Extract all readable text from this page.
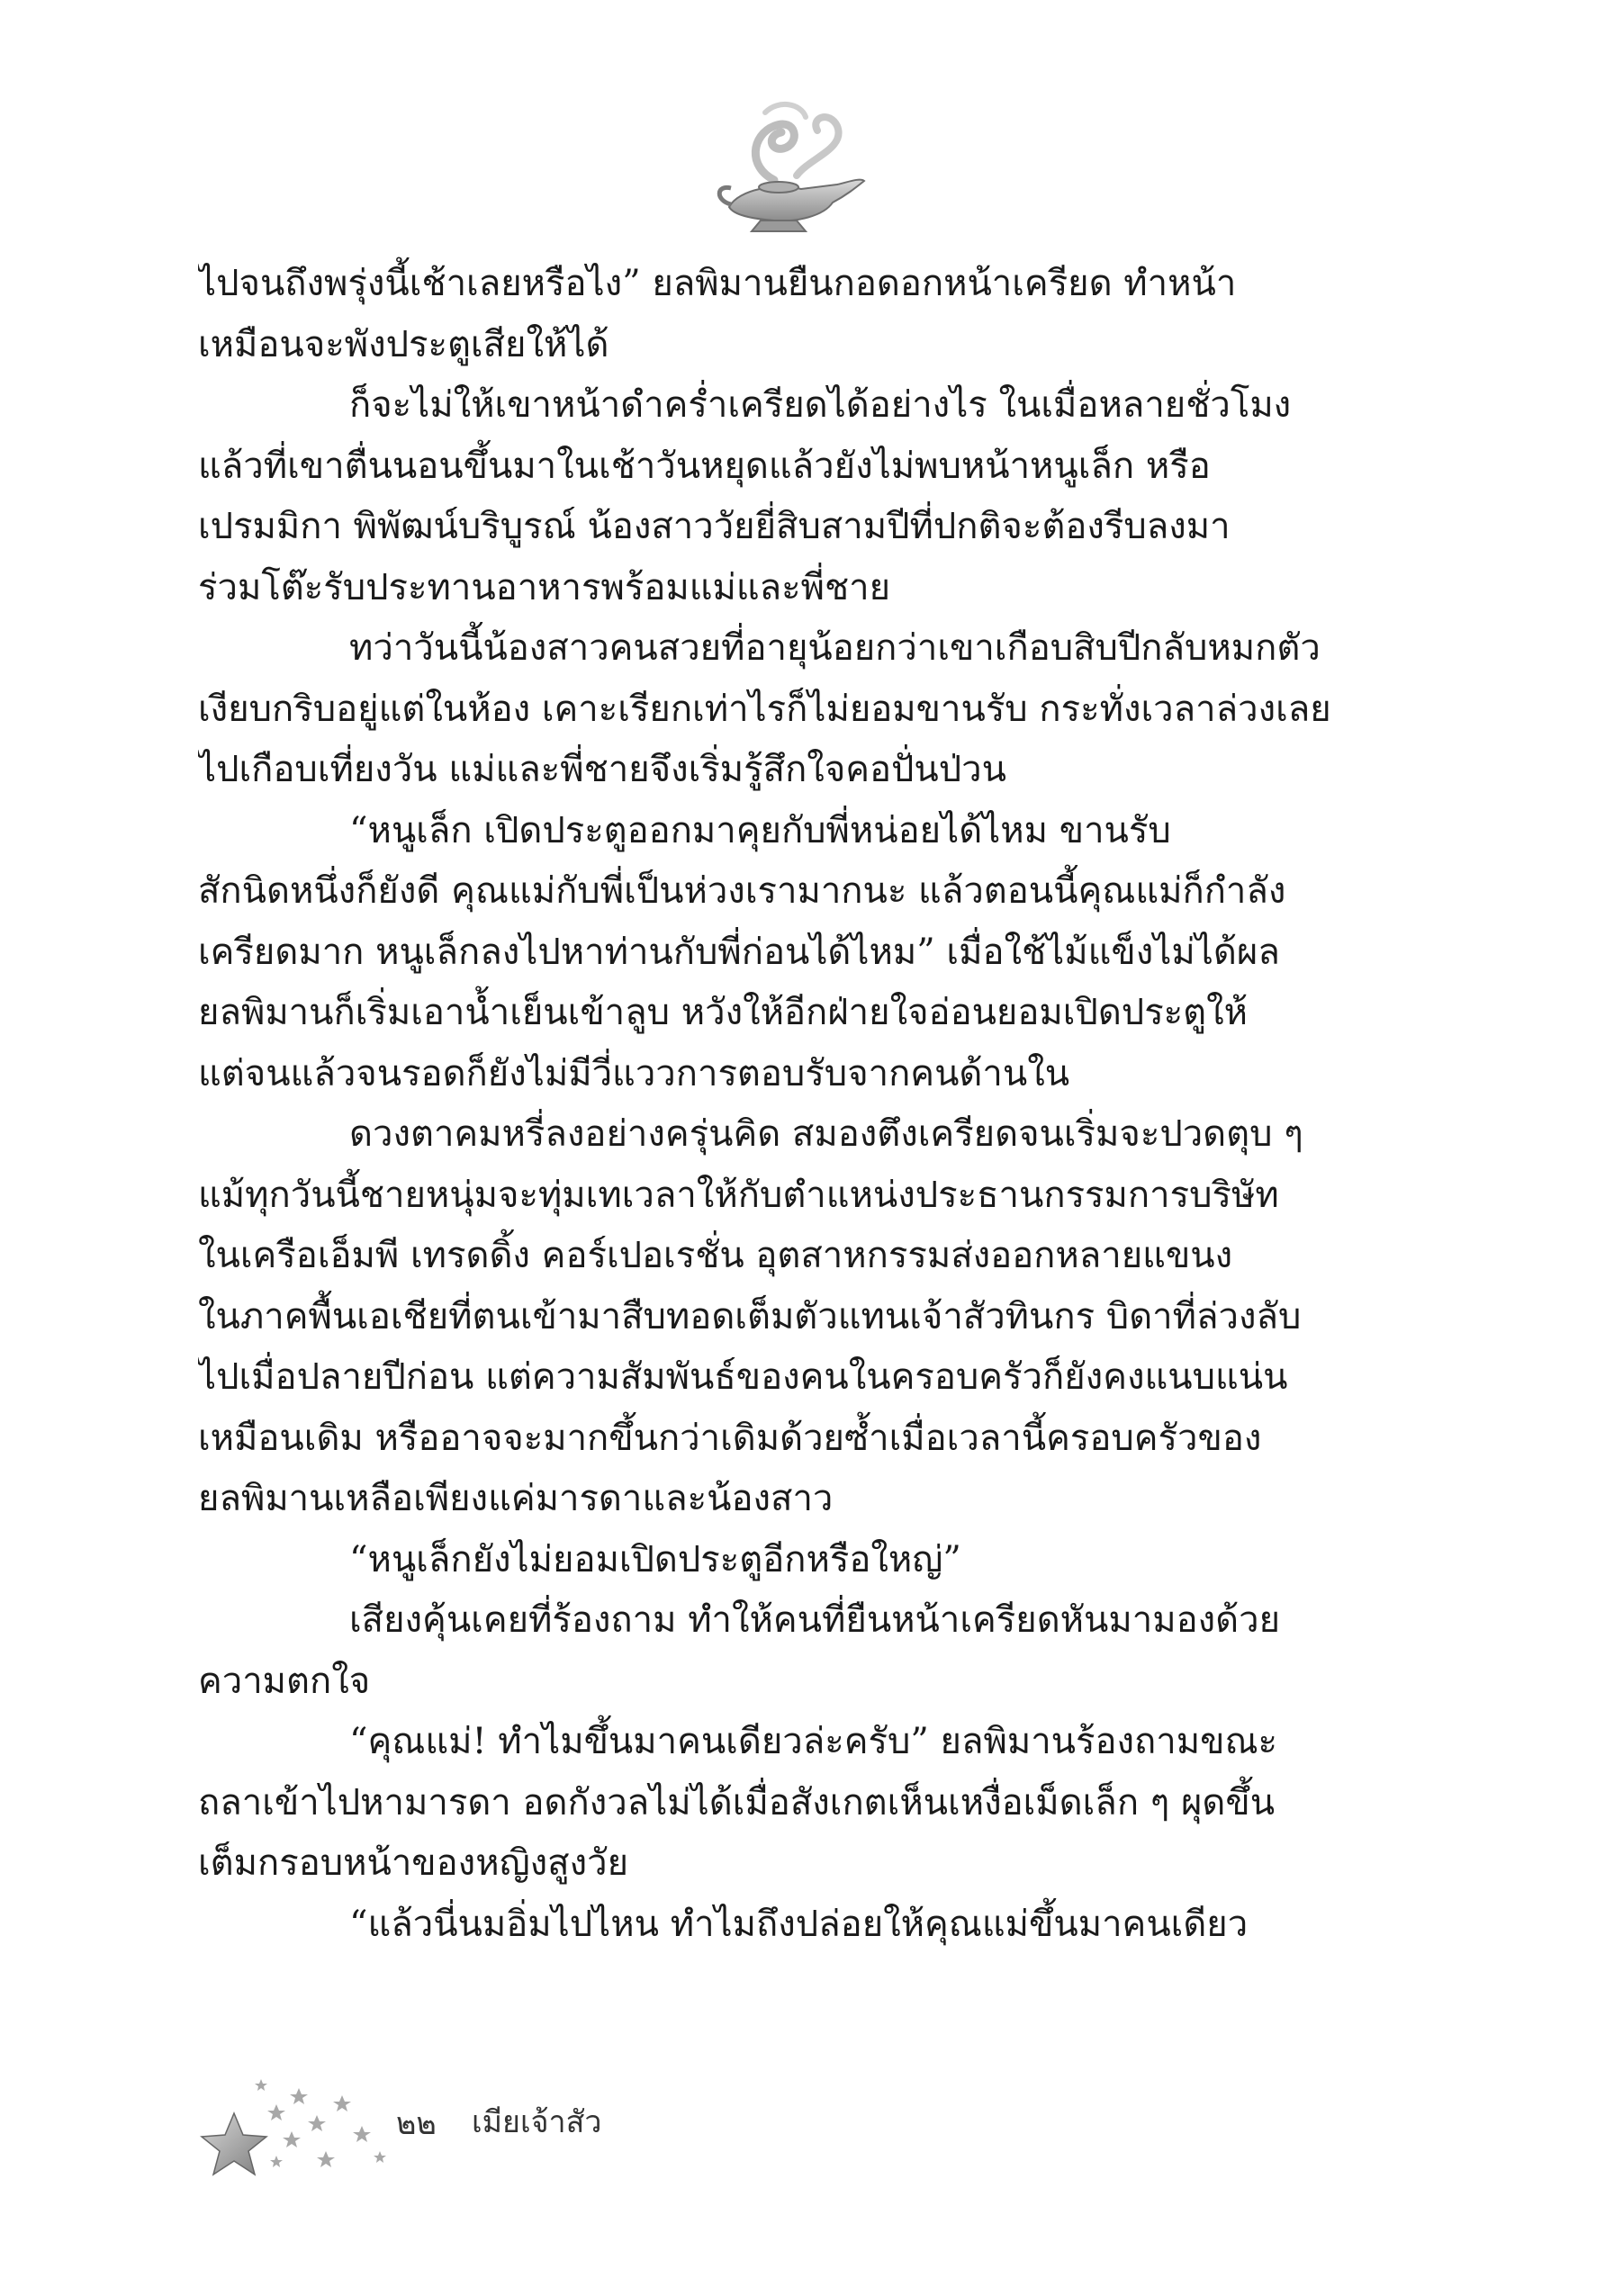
ไปจนถึงพรุ่งนี้เช้าเลยหรือไง” ยลพิมานยืนกอดอกหน้าเครียด ทำหน้า
เหมือนจะพังประตูเสียให้ได้
ก็จะไม่ให้เขาหน้าดำคร่ำเครียดได้อย่างไร ในเมื่อหลายชั่วโมง
แล้วที่เขาตื่นนอนขึ้นมาในเช้าวันหยุดแล้วยังไม่พบหน้าหนูเล็ก หรือ
เปรมมิกา พิพัฒน์บริบูรณ์ น้องสาววัยยี่สิบสามปีที่ปกติจะต้องรีบลงมา
ร่วมโต๊ะรับประทานอาหารพร้อมแม่และพี่ชาย
ทว่าวันนี้น้องสาวคนสวยที่อายุน้อยกว่าเขาเกือบสิบปีกลับหมกตัว
เงียบกริบอยู่แต่ในห้อง เคาะเรียกเท่าไรก็ไม่ยอมขานรับ กระทั่งเวลาล่วงเลย
ไปเกือบเที่ยงวัน แม่และพี่ชายจึงเริ่มรู้สึกใจคอปั่นป่วน
“หนูเล็ก เปิดประตูออกมาคุยกับพี่หน่อยได้ไหม ขานรับ
สักนิดหนึ่งก็ยังดี คุณแม่กับพี่เป็นห่วงเรามากนะ แล้วตอนนี้คุณแม่ก็กำลัง
เครียดมาก หนูเล็กลงไปหาท่านกับพี่ก่อนได้ไหม” เมื่อใช้ไม้แข็งไม่ได้ผล
ยลพิมานก็เริ่มเอาน้ำเย็นเข้าลูบ หวังให้อีกฝ่ายใจอ่อนยอมเปิดประตูให้
แต่จนแล้วจนรอดก็ยังไม่มีวี่แววการตอบรับจากคนด้านใน
ดวงตาคมหรี่ลงอย่างครุ่นคิด สมองตึงเครียดจนเริ่มจะปวดตุบ ๆ
แม้ทุกวันนี้ชายหนุ่มจะทุ่มเทเวลาให้กับตำแหน่งประธานกรรมการบริษัท
ในเครือเอ็มพี เทรดดิ้ง คอร์เปอเรชั่น อุตสาหกรรมส่งออกหลายแขนง
ในภาคพื้นเอเชียที่ตนเข้ามาสืบทอดเต็มตัวแทนเจ้าสัวทินกร บิดาที่ล่วงลับ
ไปเมื่อปลายปีก่อน แต่ความสัมพันธ์ของคนในครอบครัวก็ยังคงแนบแน่น
เหมือนเดิม หรืออาจจะมากขึ้นกว่าเดิมด้วยซ้ำเมื่อเวลานี้ครอบครัวของ
ยลพิมานเหลือเพียงแค่มารดาและน้องสาว
“หนูเล็กยังไม่ยอมเปิดประตูอีกหรือใหญ่”
เสียงคุ้นเคยที่ร้องถาม ทำให้คนที่ยืนหน้าเครียดหันมามองด้วย
ความตกใจ
“คุณแม่! ทำไมขึ้นมาคนเดียวล่ะครับ” ยลพิมานร้องถามขณะ
ถลาเข้าไปหามารดา อดกังวลไม่ได้เมื่อสังเกตเห็นเหงื่อเม็ดเล็ก ๆ ผุดขึ้น
เต็มกรอบหน้าของหญิงสูงวัย
“แล้วนี่นมอิ่มไปไหน ทำไมถึงปล่อยให้คุณแม่ขึ้นมาคนเดียว
๒๒ เมียเจ้าสัว
